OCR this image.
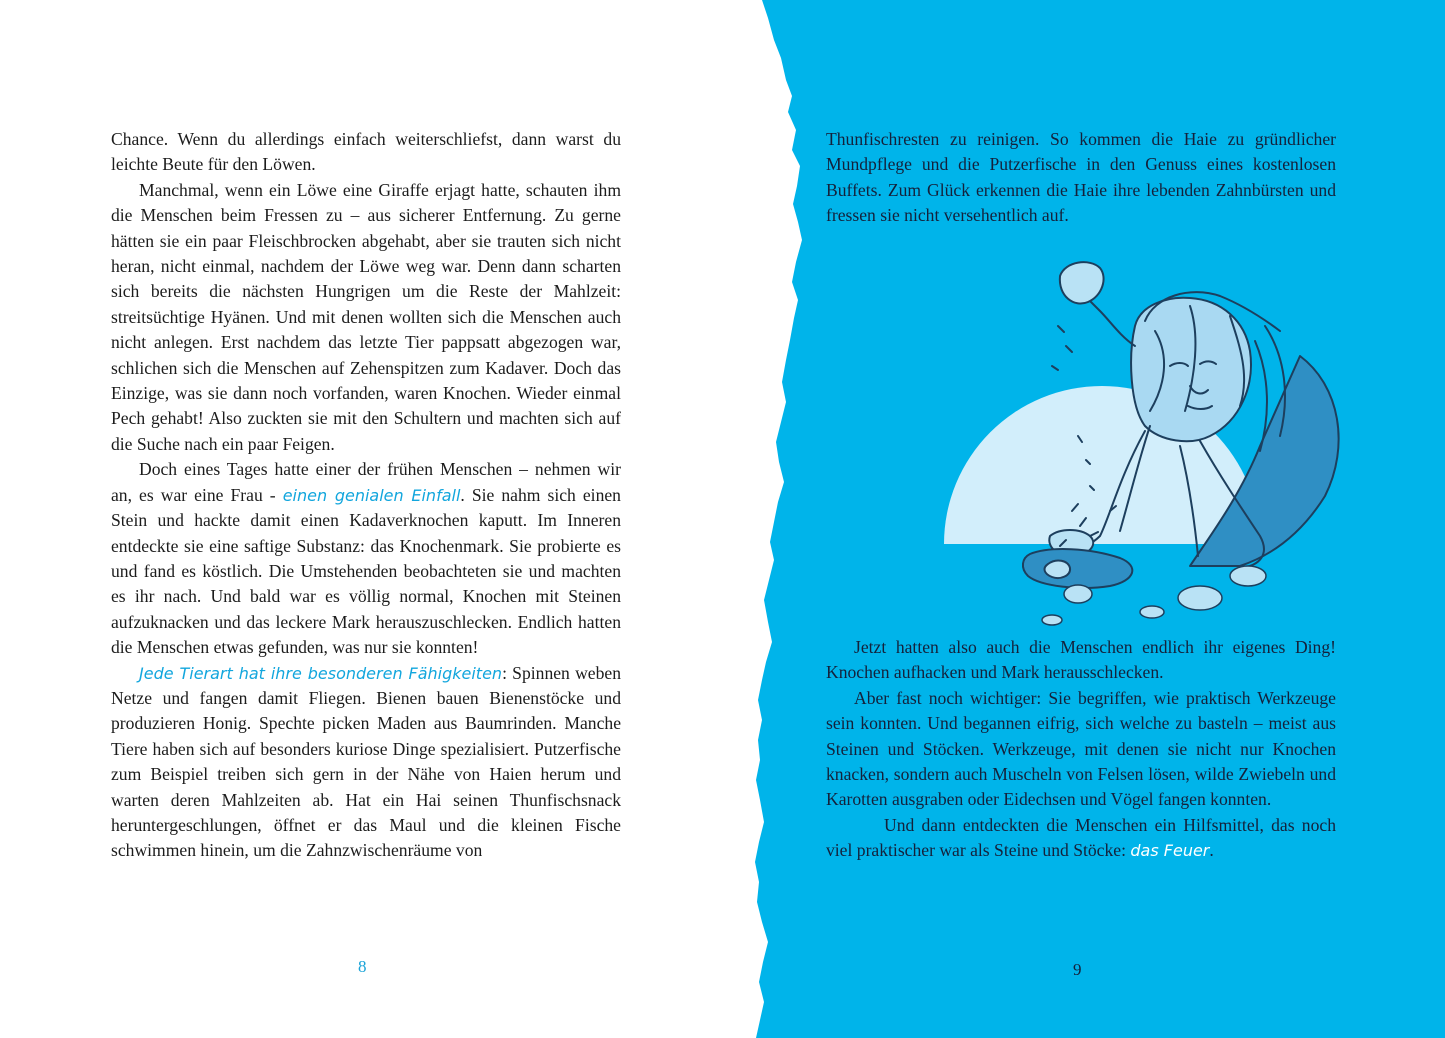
Chance. Wenn du allerdings einfach weiterschliefst, dann warst du leichte Beute für den Löwen.

Manchmal, wenn ein Löwe eine Giraffe erjagt hatte, schauten ihm die Menschen beim Fressen zu – aus sicherer Entfernung. Zu gerne hätten sie ein paar Fleischbrocken abgehabt, aber sie trauten sich nicht heran, nicht einmal, nachdem der Löwe weg war. Denn dann scharten sich bereits die nächsten Hungrigen um die Reste der Mahlzeit: streitsüchtige Hyänen. Und mit denen wollten sich die Menschen auch nicht anlegen. Erst nachdem das letzte Tier pappsatt abgezogen war, schlichen sich die Menschen auf Zehenspitzen zum Kadaver. Doch das Einzige, was sie dann noch vorfanden, waren Knochen. Wieder einmal Pech gehabt! Also zuckten sie mit den Schultern und machten sich auf die Suche nach ein paar Feigen.

Doch eines Tages hatte einer der frühen Menschen – nehmen wir an, es war eine Frau - einen genialen Einfall. Sie nahm sich einen Stein und hackte damit einen Kadaverknochen kaputt. Im Inneren entdeckte sie eine saftige Substanz: das Knochenmark. Sie probierte es und fand es köstlich. Die Umstehenden beobachteten sie und machten es ihr nach. Und bald war es völlig normal, Knochen mit Steinen aufzuknacken und das leckere Mark herauszuschlecken. Endlich hatten die Menschen etwas gefunden, was nur sie konnten!

Jede Tierart hat ihre besonderen Fähigkeiten: Spinnen weben Netze und fangen damit Fliegen. Bienen bauen Bienenstöcke und produzieren Honig. Spechte picken Maden aus Baumrinden. Manche Tiere haben sich auf besonders kuriose Dinge spezialisiert. Putzerfische zum Beispiel treiben sich gern in der Nähe von Haien herum und warten deren Mahlzeiten ab. Hat ein Hai seinen Thunfischsnack heruntergeschlungen, öffnet er das Maul und die kleinen Fische schwimmen hinein, um die Zahnzwischenräume von

8

Thunfischresten zu reinigen. So kommen die Haie zu gründlicher Mundpflege und die Putzerfische in den Genuss eines kostenlosen Buffets. Zum Glück erkennen die Haie ihre lebenden Zahnbürsten und fressen sie nicht versehentlich auf.

Jetzt hatten also auch die Menschen endlich ihr eigenes Ding! Knochen aufhacken und Mark herausschlecken.

Aber fast noch wichtiger: Sie begriffen, wie praktisch Werkzeuge sein konnten. Und begannen eifrig, sich welche zu basteln – meist aus Steinen und Stöcken. Werkzeuge, mit denen sie nicht nur Knochen knacken, sondern auch Muscheln von Felsen lösen, wilde Zwiebeln und Karotten ausgraben oder Eidechsen und Vögel fangen konnten.

Und dann entdeckten die Menschen ein Hilfsmittel, das noch viel praktischer war als Steine und Stöcke: das Feuer.

9
